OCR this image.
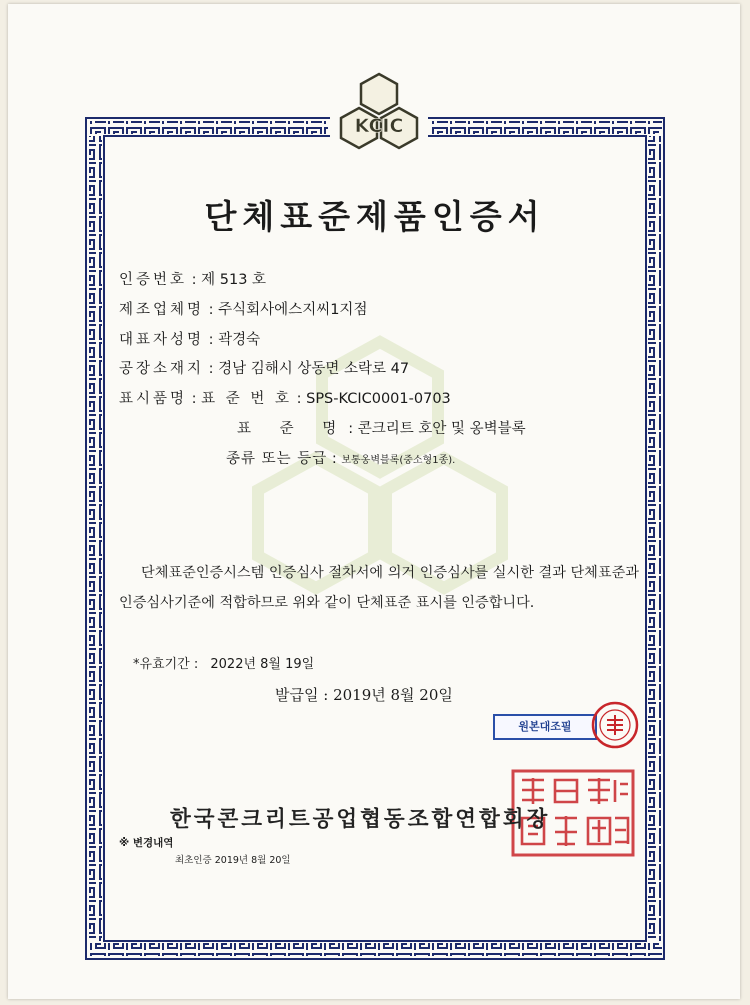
KCIC
단체표준제품인증서
인증번호 : 제 513 호
제조업체명 : 주식회사에스지씨1지점
대표자성명 : 곽경숙
공장소재지 : 경남 김해시 상동면 소락로 47
표시품명 : 표 준 번 호 : SPS-KCIC0001-0703
표 준 명: 콘크리트 호안 및 옹벽블록
종류 또는 등급 : 보통옹벽블록(중소형1종).
단체표준인증시스템 인증심사 절차서에 의거 인증심사를 실시한 결과 단체표준과 인증심사기준에 적합하므로 위와 같이 단체표준 표시를 인증합니다.
*유효기간 : 2022년 8월 19일
발급일 : 2019년 8월 20일
원본대조필
한국콘크리트공업협동조합연합회장
※ 변경내역
최초인증 2019년 8월 20일
